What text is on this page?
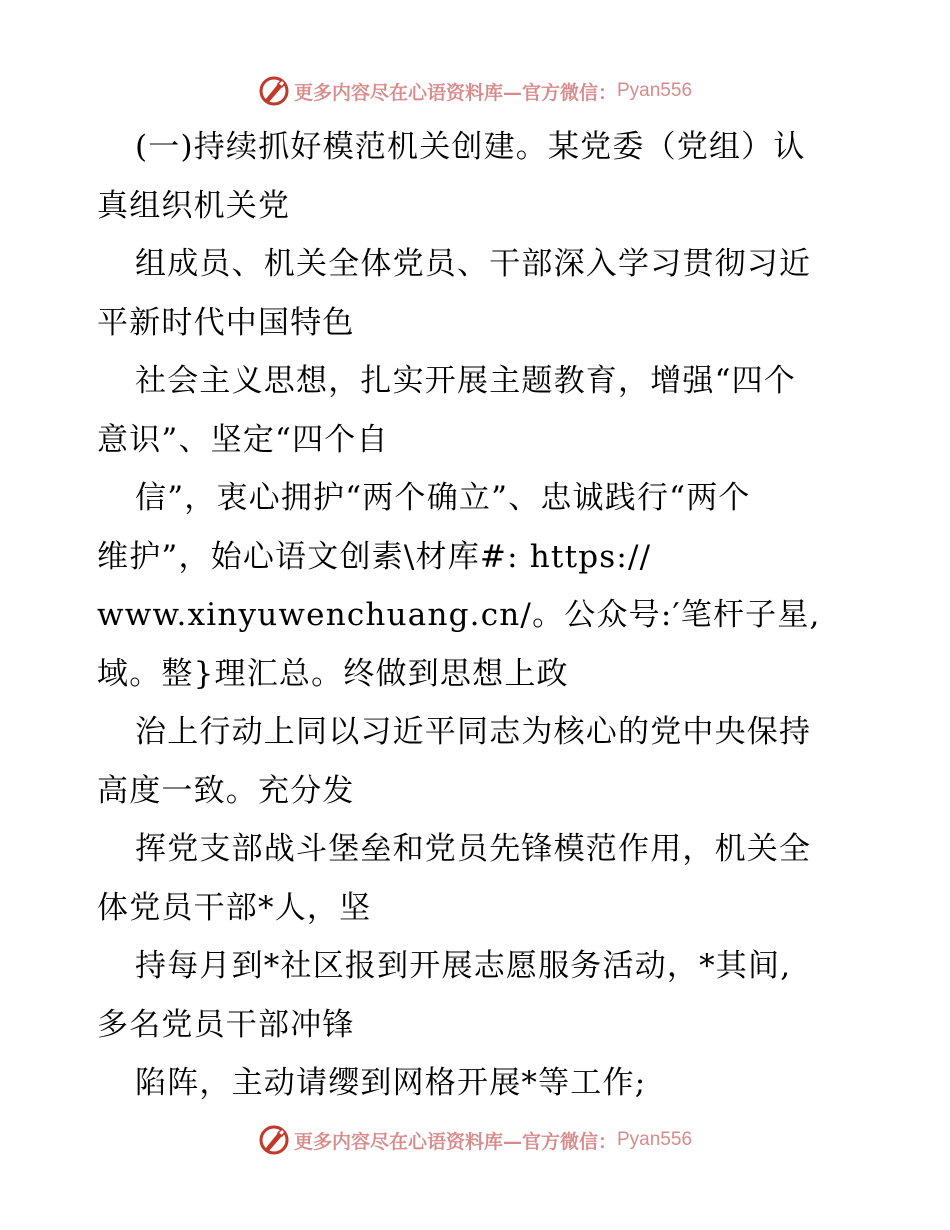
更多内容尽在心语资料库—官方微信： Pyan556
(一)持续抓好模范机关创建。某党委（党组）认
真组织机关党
组成员、机关全体党员、干部深入学习贯彻习近
平新时代中国特色
社会主义思想，扎实开展主题教育，增强“四个
意识”、坚定“四个自
信”，衷心拥护“两个确立”、忠诚践行“两个
维护”，始心语文创素\材库#: https://
www.xinyuwenchuang.cn/。公众号:′笔杆子星,
域。整}理汇总。终做到思想上政
治上行动上同以习近平同志为核心的党中央保持
高度一致。充分发
挥党支部战斗堡垒和党员先锋模范作用，机关全
体党员干部*人，坚
持每月到*社区报到开展志愿服务活动，*其间,
多名党员干部冲锋
陷阵，主动请缨到网格开展*等工作;
更多内容尽在心语资料库—官方微信： Pyan556
